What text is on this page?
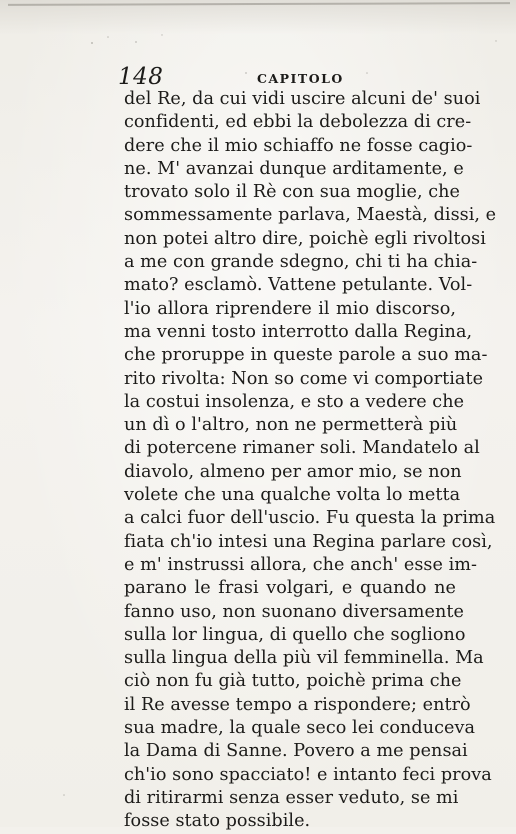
148	CAPITOLO
del Re, da cui vidi uscire alcuni de' suoi
confidenti, ed ebbi la debolezza di cre-
dere che il mio schiaffo ne fosse cagio-
ne. M' avanzai dunque arditamente, e
trovato solo il Rè con sua moglie, che
sommessamente parlava, Maestà, dissi, e
non potei altro dire, poichè egli rivoltosi
a me con grande sdegno, chi ti ha chia-
mato? esclamò. Vattene petulante. Vol-
l'io allora riprendere il mio discorso,
ma venni tosto interrotto dalla Regina,
che proruppe in queste parole a suo ma-
rito rivolta: Non so come vi comportiate
la costui insolenza, e sto a vedere che
un dì o l'altro, non ne permetterà più
di potercene rimaner soli. Mandatelo al
diavolo, almeno per amor mio, se non
volete che una qualche volta lo metta
a calci fuor dell'uscio. Fu questa la prima
fiata ch'io intesi una Regina parlare così,
e m' instrussi allora, che anch' esse im-
parano le frasi volgari, e quando ne
fanno uso, non suonano diversamente
sulla lor lingua, di quello che sogliono
sulla lingua della più vil femminella. Ma
ciò non fu già tutto, poichè prima che
il Re avesse tempo a rispondere; entrò
sua madre, la quale seco lei conduceva
la Dama di Sanne. Povero a me pensai
ch'io sono spacciato! e intanto feci prova
di ritirarmi senza esser veduto, se mi
fosse stato possibile.
